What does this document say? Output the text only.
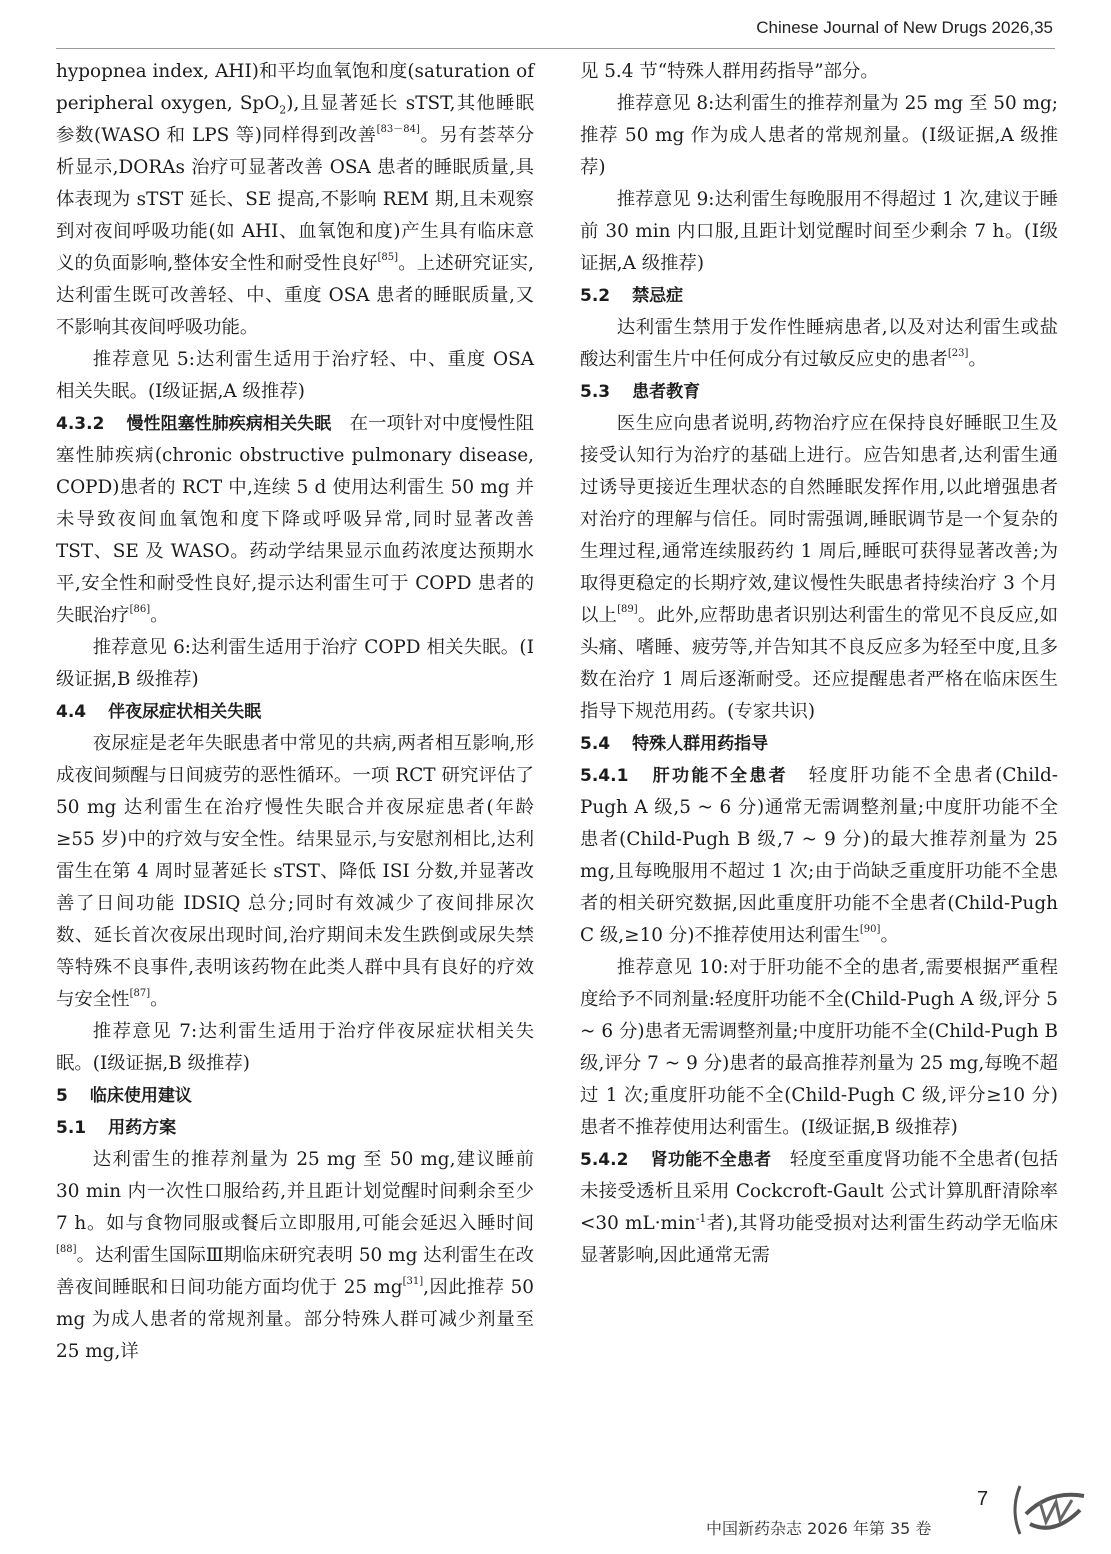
Chinese Journal of New Drugs 2026,35

hypopnea index, AHI)和平均血氧饱和度(saturation of peripheral oxygen, SpO$_2$),且显著延长 sTST,其他睡眠参数(WASO 和 LPS 等)同样得到改善[83－84]。另有荟萃分析显示,DORAs 治疗可显著改善 OSA 患者的睡眠质量,具体表现为 sTST 延长、SE 提高,不影响 REM 期,且未观察到对夜间呼吸功能(如 AHI、血氧饱和度)产生具有临床意义的负面影响,整体安全性和耐受性良好[85]。上述研究证实,达利雷生既可改善轻、中、重度 OSA 患者的睡眠质量,又不影响其夜间呼吸功能。

推荐意见 5:达利雷生适用于治疗轻、中、重度 OSA 相关失眠。(Ⅰ级证据,A 级推荐)

4.3.2 慢性阻塞性肺疾病相关失眠  在一项针对中度慢性阻塞性肺疾病(chronic obstructive pulmonary disease, COPD)患者的 RCT 中,连续 5 d 使用达利雷生 50 mg 并未导致夜间血氧饱和度下降或呼吸异常,同时显著改善 TST、SE 及 WASO。药动学结果显示血药浓度达预期水平,安全性和耐受性良好,提示达利雷生可于 COPD 患者的失眠治疗[86]。

推荐意见 6:达利雷生适用于治疗 COPD 相关失眠。(Ⅰ级证据,B 级推荐)

4.4 伴夜尿症状相关失眠

夜尿症是老年失眠患者中常见的共病,两者相互影响,形成夜间频醒与日间疲劳的恶性循环。一项 RCT 研究评估了 50 mg 达利雷生在治疗慢性失眠合并夜尿症患者(年龄≥55 岁)中的疗效与安全性。结果显示,与安慰剂相比,达利雷生在第 4 周时显著延长 sTST、降低 ISI 分数,并显著改善了日间功能 IDSIQ 总分;同时有效减少了夜间排尿次数、延长首次夜尿出现时间,治疗期间未发生跌倒或尿失禁等特殊不良事件,表明该药物在此类人群中具有良好的疗效与安全性[87]。

推荐意见 7:达利雷生适用于治疗伴夜尿症状相关失眠。(Ⅰ级证据,B 级推荐)

5 临床使用建议

5.1 用药方案

达利雷生的推荐剂量为 25 mg 至 50 mg,建议睡前 30 min 内一次性口服给药,并且距计划觉醒时间剩余至少 7 h。如与食物同服或餐后立即服用,可能会延迟入睡时间[88]。达利雷生国际Ⅲ期临床研究表明 50 mg 达利雷生在改善夜间睡眠和日间功能方面均优于 25 mg[31],因此推荐 50 mg 为成人患者的常规剂量。部分特殊人群可减少剂量至 25 mg,详

见 5.4 节“特殊人群用药指导”部分。

推荐意见 8:达利雷生的推荐剂量为 25 mg 至 50 mg;推荐 50 mg 作为成人患者的常规剂量。(Ⅰ级证据,A 级推荐)

推荐意见 9:达利雷生每晚服用不得超过 1 次,建议于睡前 30 min 内口服,且距计划觉醒时间至少剩余 7 h。(Ⅰ级证据,A 级推荐)

5.2 禁忌症

达利雷生禁用于发作性睡病患者,以及对达利雷生或盐酸达利雷生片中任何成分有过敏反应史的患者[23]。

5.3 患者教育

医生应向患者说明,药物治疗应在保持良好睡眠卫生及接受认知行为治疗的基础上进行。应告知患者,达利雷生通过诱导更接近生理状态的自然睡眠发挥作用,以此增强患者对治疗的理解与信任。同时需强调,睡眠调节是一个复杂的生理过程,通常连续服药约 1 周后,睡眠可获得显著改善;为取得更稳定的长期疗效,建议慢性失眠患者持续治疗 3 个月以上[89]。此外,应帮助患者识别达利雷生的常见不良反应,如头痛、嗜睡、疲劳等,并告知其不良反应多为轻至中度,且多数在治疗 1 周后逐渐耐受。还应提醒患者严格在临床医生指导下规范用药。(专家共识)

5.4 特殊人群用药指导

5.4.1 肝功能不全患者  轻度肝功能不全患者(Child-Pugh A 级,5 ~ 6 分)通常无需调整剂量;中度肝功能不全患者(Child-Pugh B 级,7 ~ 9 分)的最大推荐剂量为 25 mg,且每晚服用不超过 1 次;由于尚缺乏重度肝功能不全患者的相关研究数据,因此重度肝功能不全患者(Child-Pugh C 级,≥10 分)不推荐使用达利雷生[90]。

推荐意见 10:对于肝功能不全的患者,需要根据严重程度给予不同剂量:轻度肝功能不全(Child-Pugh A 级,评分 5 ~ 6 分)患者无需调整剂量;中度肝功能不全(Child-Pugh B 级,评分 7 ~ 9 分)患者的最高推荐剂量为 25 mg,每晚不超过 1 次;重度肝功能不全(Child-Pugh C 级,评分≥10 分)患者不推荐使用达利雷生。(Ⅰ级证据,B 级推荐)

5.4.2 肾功能不全患者  轻度至重度肾功能不全患者(包括未接受透析且采用 Cockcroft-Gault 公式计算肌酐清除率 <30 $mL\cdot\min^{-1}$者),其肾功能受损对达利雷生药动学无临床显著影响,因此通常无需

7
中国新药杂志 2026 年第 35 卷
